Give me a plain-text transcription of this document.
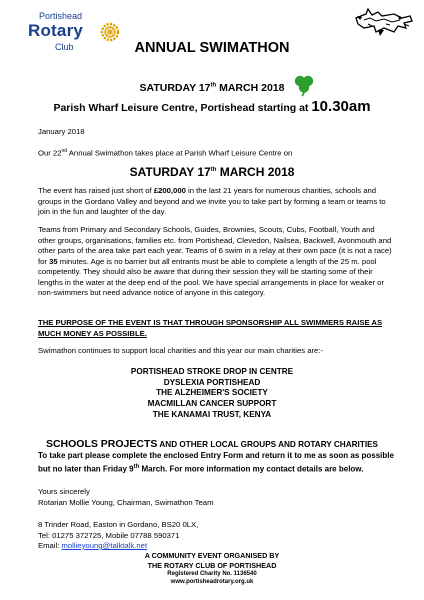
Portishead
Rotary
Club	ANNUAL SWIMATHON
SATURDAY 17th MARCH 2018
Parish Wharf Leisure Centre, Portishead starting at 10.30am
January 2018
Our 22nd Annual Swimathon takes place at Parish Wharf Leisure Centre on
SATURDAY 17th MARCH 2018
The event has raised just short of £200,000 in the last 21 years for numerous charities, schools and groups in the Gordano Valley and beyond and we invite you to take part by forming a team or teams to join in the fun and laughter of the day.
Teams from Primary and Secondary Schools, Guides, Brownies, Scouts, Cubs, Football, Youth and other groups, organisations, families etc. from Portishead, Clevedon, Nailsea, Backwell, Avonmouth and other parts of the area take part each year. Teams of 6 swim in a relay at their own pace (it is not a race) for 35 minutes. Age is no barrier but all entrants must be able to complete a length of the 25 m. pool competently. They should also be aware that during their session they will be starting some of their lengths in the water at the deep end of the pool. We have special arrangements in place for weaker or non-swimmers but need advance notice of anyone in this category.
THE PURPOSE OF THE EVENT IS THAT THROUGH SPONSORSHIP ALL SWIMMERS RAISE AS MUCH MONEY AS POSSIBLE.
Swimathon continues to support local charities and this year our main charities are:-
PORTISHEAD STROKE DROP IN CENTRE
DYSLEXIA PORTISHEAD
THE ALZHEIMER'S SOCIETY
MACMILLAN CANCER SUPPORT
THE KANAMAI TRUST, KENYA
SCHOOLS PROJECTS AND OTHER LOCAL GROUPS AND ROTARY CHARITIES
To take part please complete the enclosed Entry Form and return it to me as soon as possible but no later than Friday 9th March. For more information my contact details are below.
Yours sincerely
Rotarian Mollie Young, Chairman, Swimathon Team
8 Trinder Road, Easton in Gordano, BS20 0LX,
Tel: 01275 372725, Mobile 07788 590371
Email: mollieyoung@talktalk.net
A COMMUNITY EVENT ORGANISED BY
THE ROTARY CLUB OF PORTISHEAD
Registered Charity No. 1136540
www.portisheadrotary.org.uk
